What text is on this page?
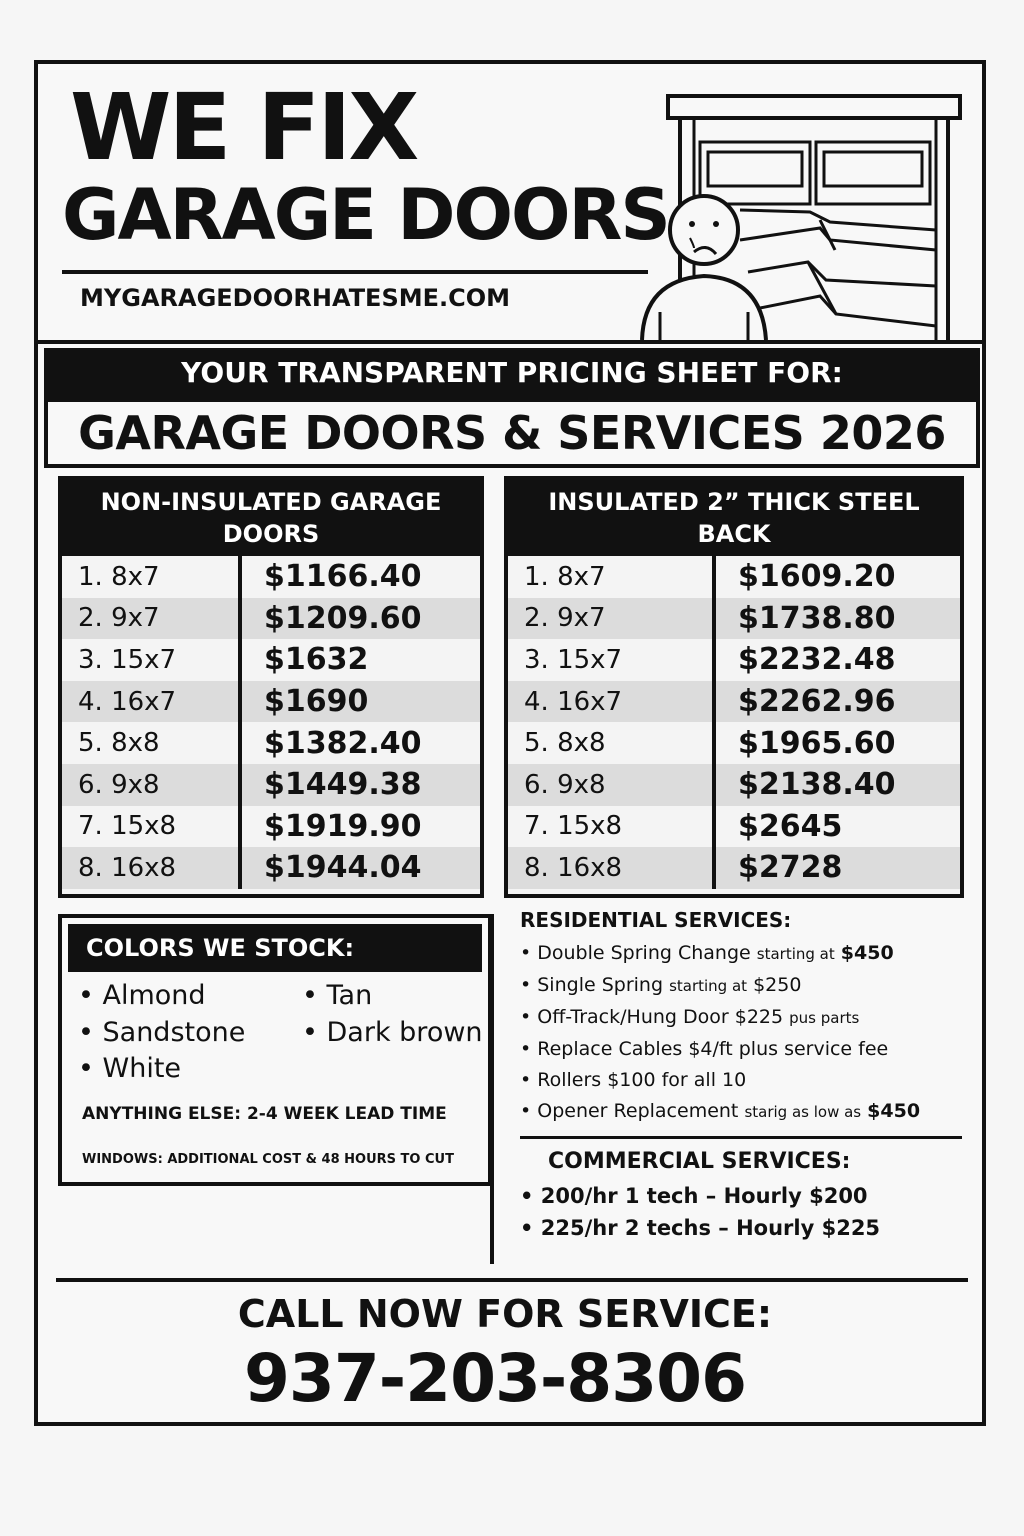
WE FIX
GARAGE DOORS
MYGARAGEDOORHATESME.COM
YOUR TRANSPARENT PRICING SHEET FOR:
GARAGE DOORS & SERVICES 2026
NON-INSULATED GARAGE DOORS
1. 8x7	$1166.40
2. 9x7	$1209.60
3. 15x7	$1632
4. 16x7	$1690
5. 8x8	$1382.40
6. 9x8	$1449.38
7. 15x8	$1919.90
8. 16x8	$1944.04
INSULATED 2” THICK STEEL BACK
1. 8x7	$1609.20
2. 9x7	$1738.80
3. 15x7	$2232.48
4. 16x7	$2262.96
5. 8x8	$1965.60
6. 9x8	$2138.40
7. 15x8	$2645
8. 16x8	$2728
COLORS WE STOCK:
• Almond
• Sandstone
• White
• Tan
• Dark brown
ANYTHING ELSE: 2-4 WEEK LEAD TIME
WINDOWS: ADDITIONAL COST & 48 HOURS TO CUT
RESIDENTIAL SERVICES:
• Double Spring Change starting at $450
• Single Spring starting at $250
• Off-Track/Hung Door $225 pus parts
• Replace Cables $4/ft plus service fee
• Rollers $100 for all 10
• Opener Replacement starig as low as $450
COMMERCIAL SERVICES:
• 200/hr 1 tech – Hourly $200
• 225/hr 2 techs – Hourly $225
CALL NOW FOR SERVICE:
937-203-8306
